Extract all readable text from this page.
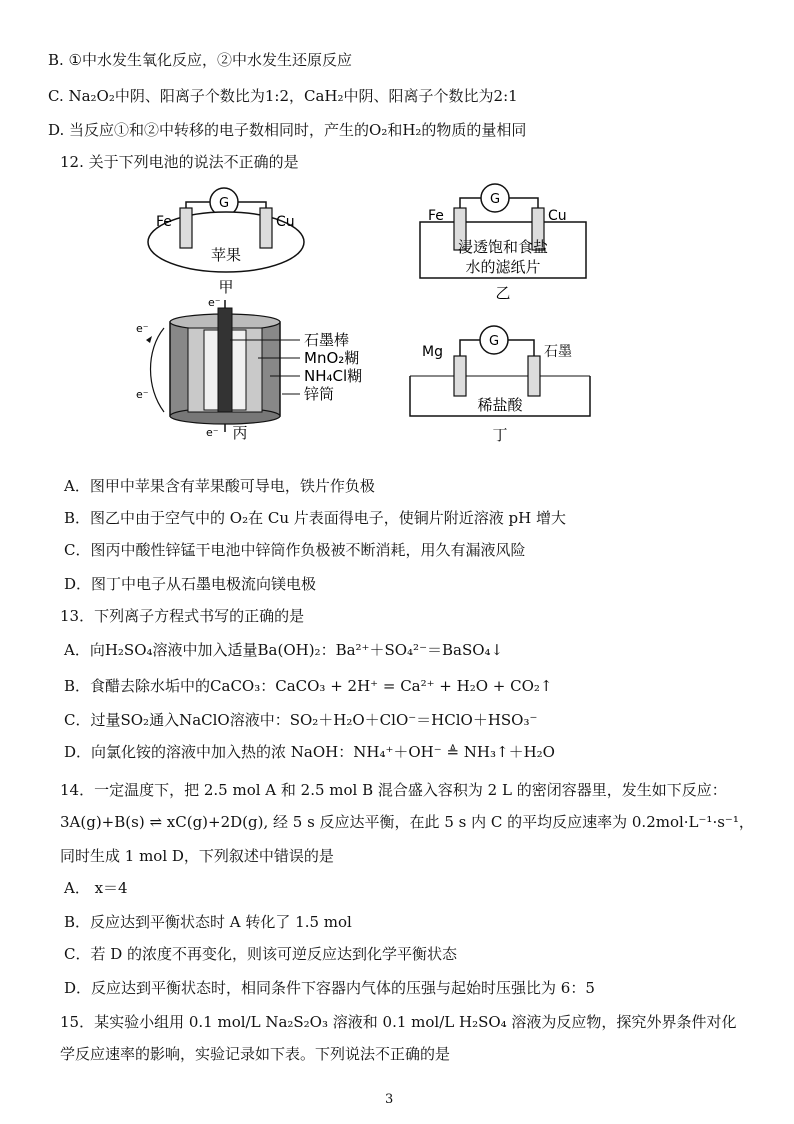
B. ①中水发生氧化反应，②中水发生还原反应
C. Na₂O₂中阴、阳离子个数比为1:2，CaH₂中阴、阳离子个数比为2:1
D. 当反应①和②中转移的电子数相同时，产生的O₂和H₂的物质的量相同
12. 关于下列电池的说法不正确的是
G
Fe	Cu
苹果
甲
G
Fe	Cu
浸透饱和食盐
水的滤纸片
乙
e⁻
e⁻
e⁻
e⁻
石墨棒
MnO₂糊
NH₄Cl糊
锌筒
丙
G
Mg	石墨
稀盐酸
丁
A．图甲中苹果含有苹果酸可导电，铁片作负极
B．图乙中由于空气中的 O₂在 Cu 片表面得电子，使铜片附近溶液 pH 增大
C．图丙中酸性锌锰干电池中锌筒作负极被不断消耗，用久有漏液风险
D．图丁中电子从石墨电极流向镁电极
13．下列离子方程式书写的正确的是
A．向H₂SO₄溶液中加入适量Ba(OH)₂：Ba²⁺＋SO₄²⁻＝BaSO₄↓
B．食醋去除水垢中的CaCO₃：CaCO₃ + 2H⁺ = Ca²⁺ + H₂O + CO₂↑
C．过量SO₂通入NaClO溶液中：SO₂＋H₂O＋ClO⁻＝HClO＋HSO₃⁻
D．向氯化铵的溶液中加入热的浓 NaOH：NH₄⁺＋OH⁻ ≜ NH₃↑＋H₂O
14．一定温度下，把 2.5 mol A 和 2.5 mol B 混合盛入容积为 2 L 的密闭容器里，发生如下反应：
3A(g)+B(s) ⇌ xC(g)+2D(g), 经 5 s 反应达平衡，在此 5 s 内 C 的平均反应速率为 0.2mol·L⁻¹·s⁻¹，
同时生成 1 mol D，下列叙述中错误的是
A． x＝4
B．反应达到平衡状态时 A 转化了 1.5 mol
C．若 D 的浓度不再变化，则该可逆反应达到化学平衡状态
D．反应达到平衡状态时，相同条件下容器内气体的压强与起始时压强比为 6：5
15．某实验小组用 0.1 mol/L Na₂S₂O₃ 溶液和 0.1 mol/L H₂SO₄ 溶液为反应物，探究外界条件对化
学反应速率的影响，实验记录如下表。下列说法不正确的是
3
